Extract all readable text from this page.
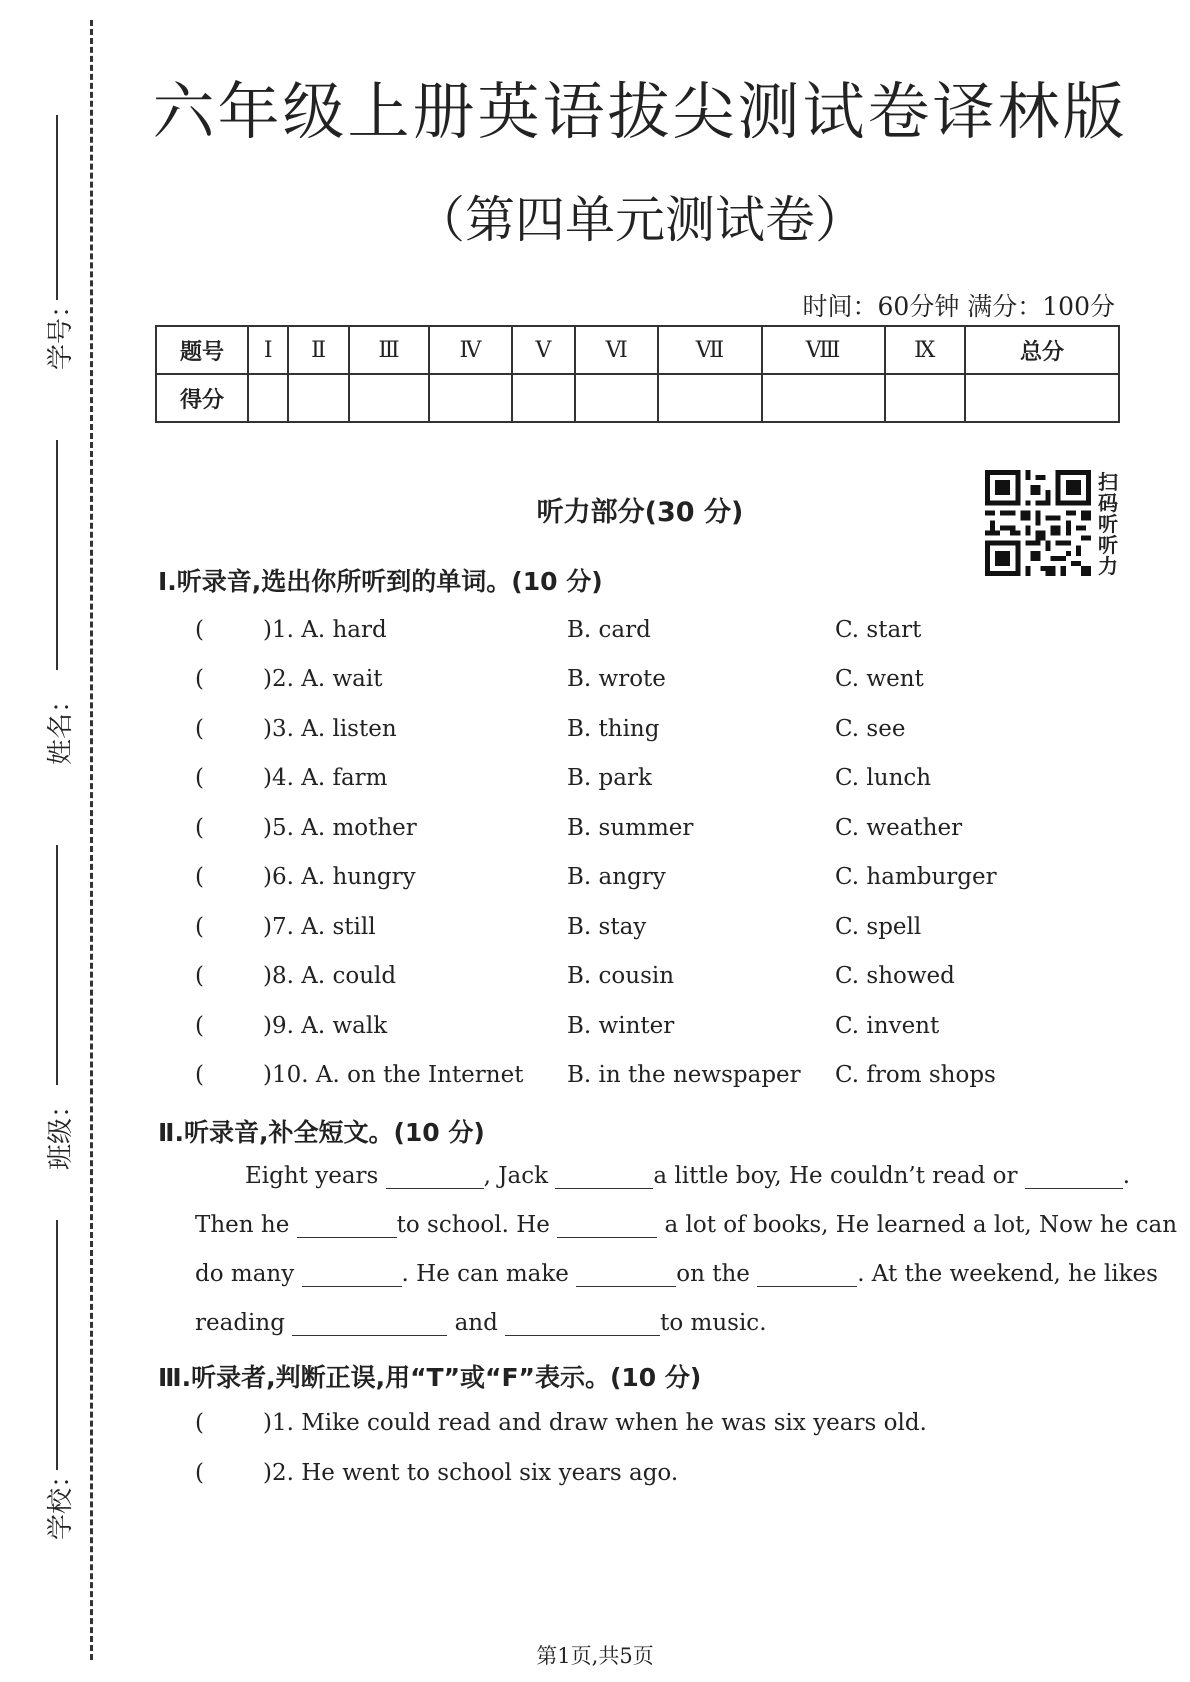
学号：
姓名：
班级：
学校：
六年级上册英语拔尖测试卷译林版
（第四单元测试卷）
时间：60分钟 满分：100分
题号	Ⅰ	Ⅱ	Ⅲ	Ⅳ	Ⅴ	Ⅵ	Ⅶ	Ⅷ	Ⅸ	总分
得分										
听力部分(30 分)
扫码听听力
Ⅰ.听录音,选出你所听到的单词。(10 分)
(	)1. A. hard	B. card	C. start
(	)2. A. wait	B. wrote	C. went
(	)3. A. listen	B. thing	C. see
(	)4. A. farm	B. park	C. lunch
(	)5. A. mother	B. summer	C. weather
(	)6. A. hungry	B. angry	C. hamburger
(	)7. A. still	B. stay	C. spell
(	)8. A. could	B. cousin	C. showed
(	)9. A. walk	B. winter	C. invent
(	)10. A. on the Internet B. in the newspaper C. from shops
Ⅱ.听录音,补全短文。(10 分)
Eight years	, Jack	a little boy, He couldn’t read or	.
Then he	to school. He	a lot of books, He learned a lot, Now he can
do many	. He can make	on the	. At the weekend, he likes
reading	and	to music.
Ⅲ.听录者,判断正误,用“T”或“F”表示。(10 分)
(	)1. Mike could read and draw when he was six years old.
(	)2. He went to school six years ago.
第1页,共5页
